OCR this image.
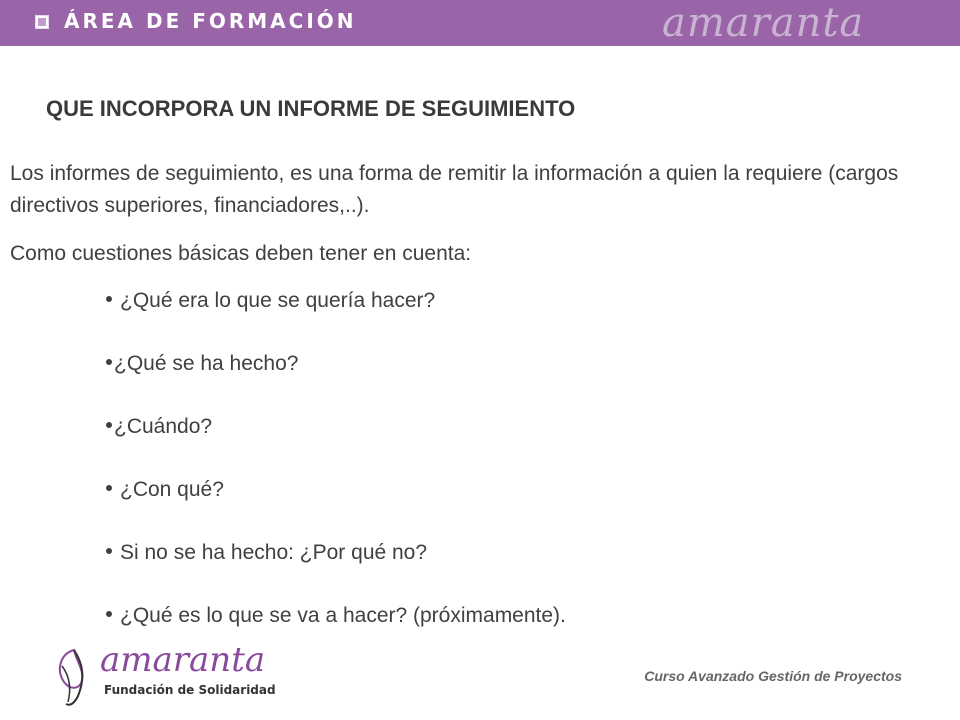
ÁREA DE FORMACIÓN	amaranta
QUE INCORPORA UN INFORME DE SEGUIMIENTO

Los informes de seguimiento, es una forma de remitir la información a quien la requiere (cargos directivos superiores, financiadores,..).

Como cuestiones básicas deben tener en cuenta:
¿Qué era lo que se quería hacer?
¿Qué se ha hecho?
¿Cuándo?
¿Con qué?
Si no se ha hecho: ¿Por qué no?
¿Qué es lo que se va a hacer? (próximamente).
amaranta
Fundación de Solidaridad
Curso Avanzado Gestión de Proyectos
